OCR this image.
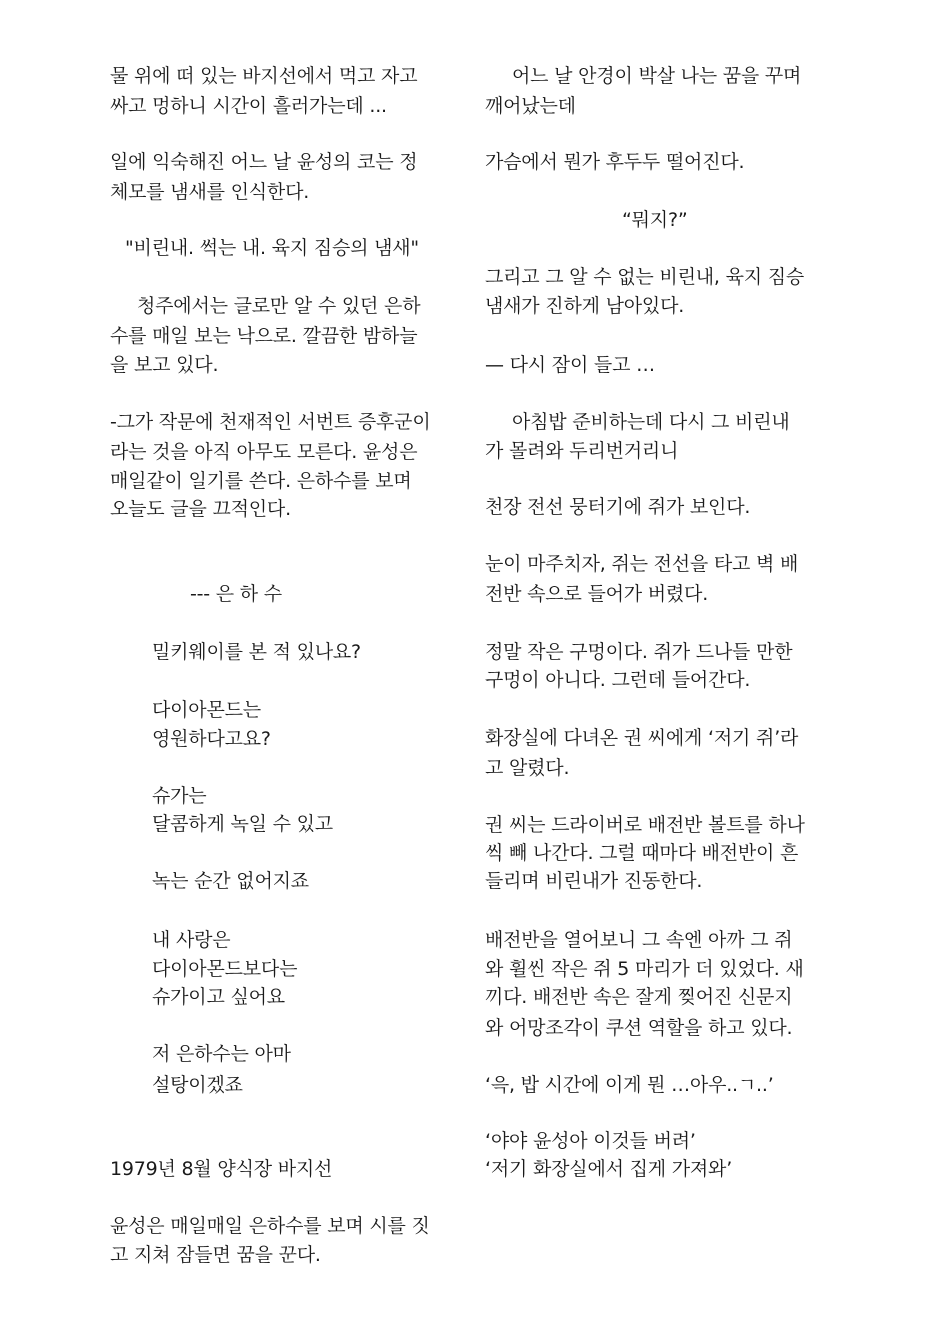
물 위에 떠 있는 바지선에서 먹고 자고
싸고 멍하니 시간이 흘러가는데 ...
일에 익숙해진 어느 날 윤성의 코는 정
체모를 냄새를 인식한다.
"비린내. 썩는 내. 육지 짐승의 냄새"
청주에서는 글로만 알 수 있던 은하
수를 매일 보는 낙으로. 깔끔한 밤하늘
을 보고 있다.
-그가 작문에 천재적인 서번트 증후군이
라는 것을 아직 아무도 모른다. 윤성은
매일같이 일기를 쓴다. 은하수를 보며
오늘도 글을 끄적인다.
--- 은 하 수
밀키웨이를 본 적 있나요?
다이아몬드는
영원하다고요?
슈가는
달콤하게 녹일 수 있고
녹는 순간 없어지죠
내 사랑은
다이아몬드보다는
슈가이고 싶어요
저 은하수는 아마
설탕이겠죠
1979년 8월 양식장 바지선
윤성은 매일매일 은하수를 보며 시를 짓
고 지쳐 잠들면 꿈을 꾼다.
어느 날 안경이 박살 나는 꿈을 꾸며
깨어났는데
가슴에서 뭔가 후두두 떨어진다.
“뭐지?”
그리고 그 알 수 없는 비린내, 육지 짐승
냄새가 진하게 남아있다.
— 다시 잠이 들고 …
아침밥 준비하는데 다시 그 비린내
가 몰려와 두리번거리니
천장 전선 뭉터기에 쥐가 보인다.
눈이 마주치자, 쥐는 전선을 타고 벽 배
전반 속으로 들어가 버렸다.
정말 작은 구멍이다. 쥐가 드나들 만한
구멍이 아니다. 그런데 들어간다.
화장실에 다녀온 권 씨에게 ‘저기 쥐’라
고 알렸다.
권 씨는 드라이버로 배전반 볼트를 하나
씩 빼 나간다. 그럴 때마다 배전반이 흔
들리며 비린내가 진동한다.
배전반을 열어보니 그 속엔 아까 그 쥐
와 휠씬 작은 쥐 5 마리가 더 있었다. 새
끼다. 배전반 속은 잘게 찢어진 신문지
와 어망조각이 쿠션 역할을 하고 있다.
‘윽, 밥 시간에 이게 뭔 …아우..ㄱ..’
‘야야 윤성아 이것들 버려’
‘저기 화장실에서 집게 가져와’
